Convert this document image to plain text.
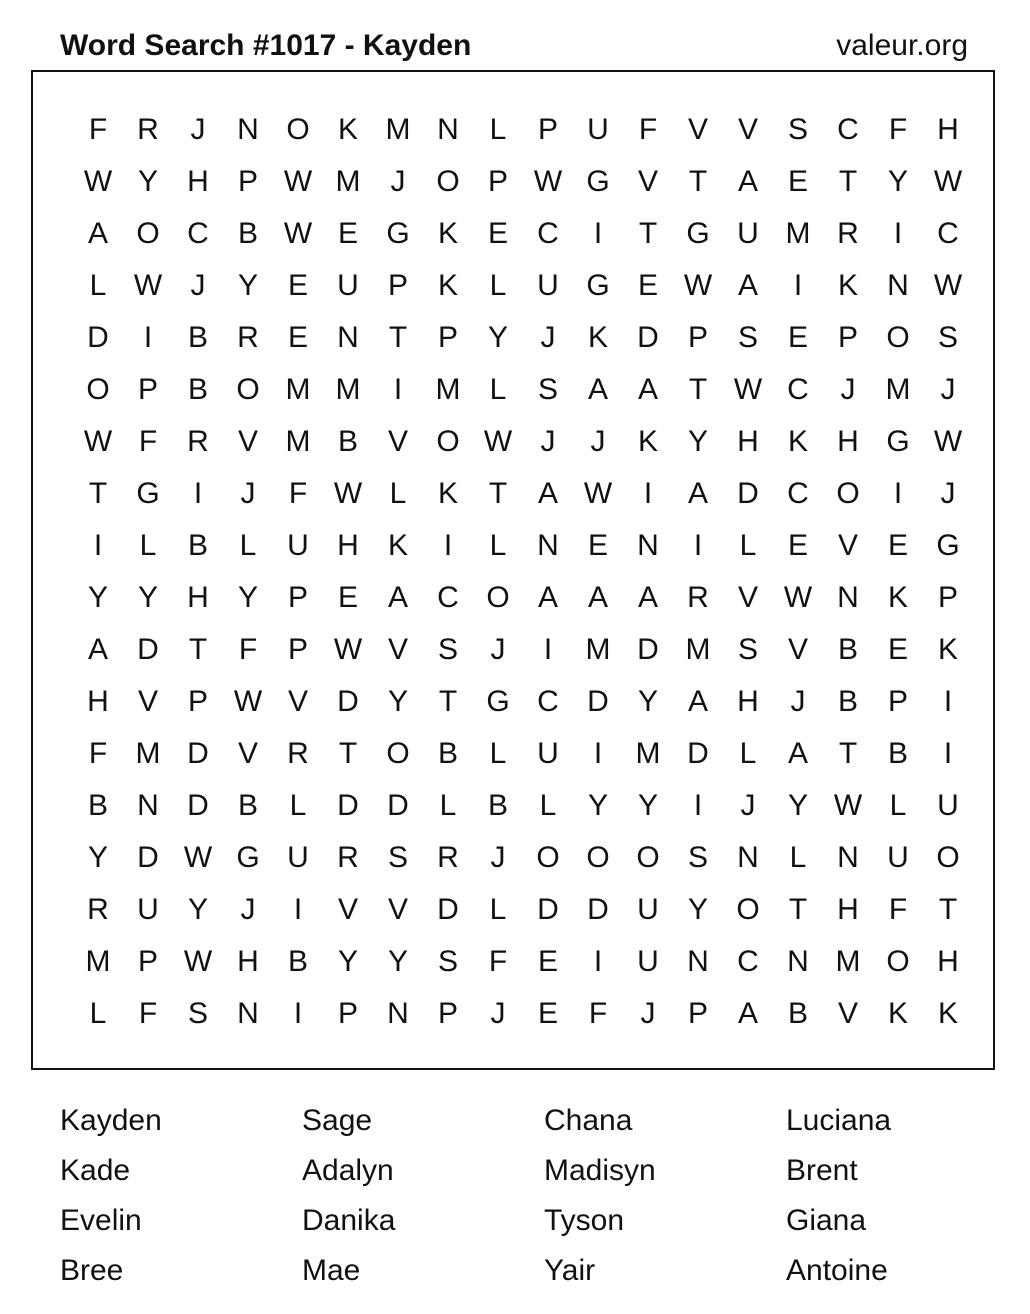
Word Search #1017 - Kayden	valeur.org
F	R	J	N O K M N	L	P U	F	V V S C	F	H
W Y H P W M	J	O P W G V	T	A E	T	Y W
A O C B W E G K E C	I	T G U M R	I	C
L W J	Y E U P K	L	U G E W A	I	K N W
D	I	B R E N	T	P Y	J	K D P S E P O S
O P B O M M	I	M L	S A A	T W C	J	M	J
W F	R V M B V O W J	J	K Y H K H G W
T G	I	J	F W L	K	T	A W	I	A D C O	I	J
I	L	B	L	U H K	I	L	N E N	I	L	E V E G
Y Y H Y P E A C O A A A R V W N K P
A D	T	F	P W V S	J	I	M D M S V B E K
H V P W V D Y	T G C D Y A H	J	B P	I
F M D V R	T O B	L	U	I	M D	L	A	T	B	I
B N D B	L	D D	L	B	L	Y Y	I	J	Y W L	U
Y D W G U R S R	J	O O O S N	L	N U O
R U Y	J	I	V V D	L	D D U Y O T	H	F	T
M P W H B Y Y S	F	E	I	U N C N M O H
L	F	S N	I	P N P	J	E	F	J	P A B V K K
Kayden	Sage	Chana	Luciana
Kade	Adalyn	Madisyn	Brent
Evelin	Danika	Tyson	Giana
Bree	Mae	Yair	Antoine
